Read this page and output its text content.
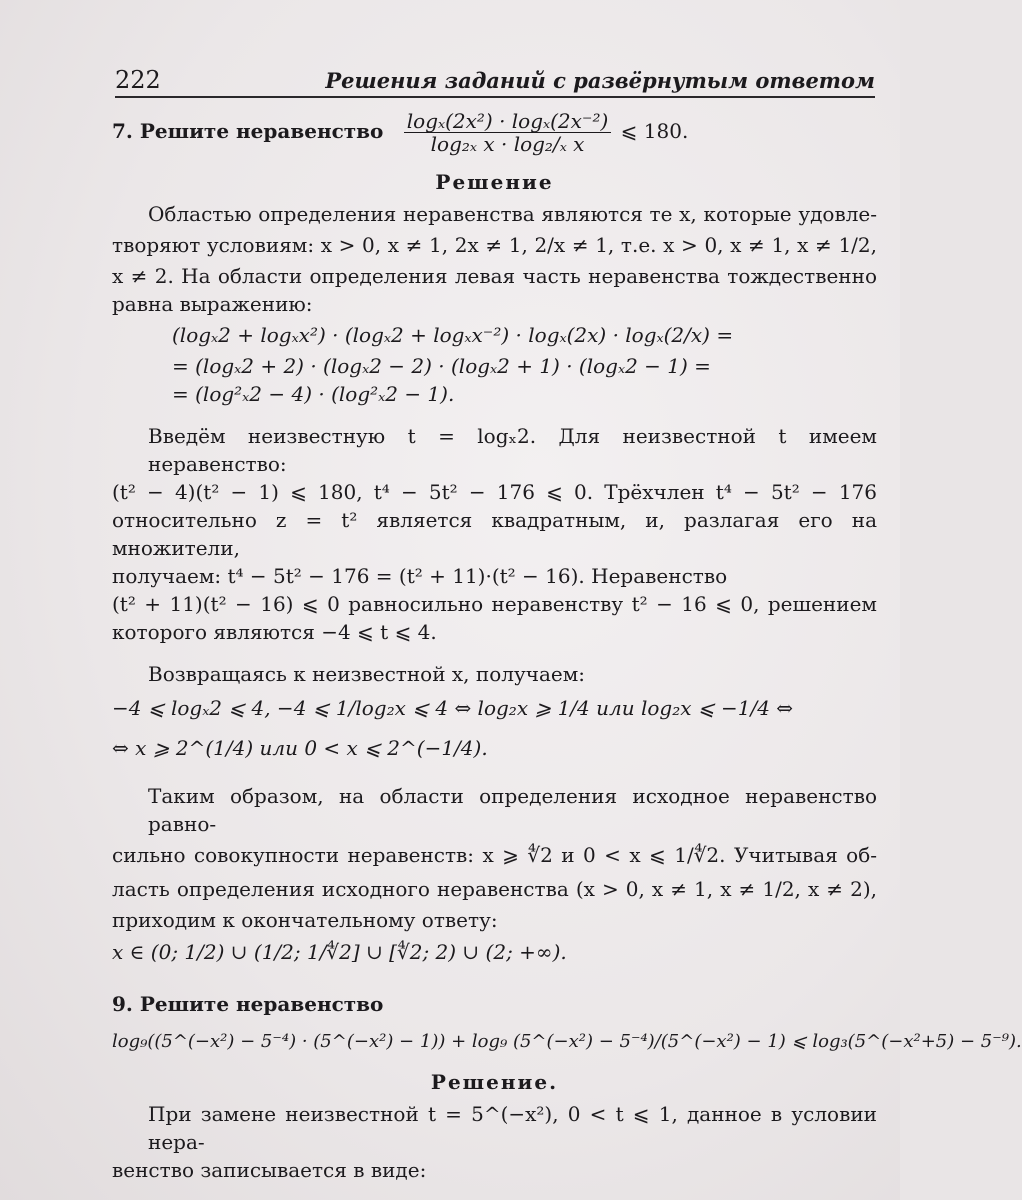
222	Решения заданий с развёрнутым ответом
7. Решите неравенство $\frac{\text{logₓ(2x²) · logₓ(2x⁻²)}}{\text{log₂ₓ x · log₂/ₓ x}}$ ⩽ 180.
Решение
Областью определения неравенства являются те x, которые удовле-
творяют условиям: x > 0, x ≠ 1, 2x ≠ 1, 2/x ≠ 1, т.е. x > 0, x ≠ 1, x ≠ 1/2,
x ≠ 2. На области определения левая часть неравенства тождественно
равна выражению:
(logₓ2 + logₓx²) · (logₓ2 + logₓx⁻²) · logₓ(2x) · logₓ(2/x) =
= (logₓ2 + 2) · (logₓ2 − 2) · (logₓ2 + 1) · (logₓ2 − 1) =
= (log²ₓ2 − 4) · (log²ₓ2 − 1).
Введём неизвестную t = logₓ2. Для неизвестной t имеем неравенство:
(t² − 4)(t² − 1) ⩽ 180, t⁴ − 5t² − 176 ⩽ 0. Трёхчлен t⁴ − 5t² − 176
относительно z = t² является квадратным, и, разлагая его на множители,
получаем: t⁴ − 5t² − 176 = (t² + 11)·(t² − 16). Неравенство
(t² + 11)(t² − 16) ⩽ 0 равносильно неравенству t² − 16 ⩽ 0, решением
которого являются −4 ⩽ t ⩽ 4.
Возвращаясь к неизвестной x, получаем:
−4 ⩽ logₓ2 ⩽ 4, −4 ⩽ 1/log₂x ⩽ 4 ⇔ log₂x ⩾ 1/4 или log₂x ⩽ −1/4 ⇔
⇔ x ⩾ 2^(1/4) или 0 < x ⩽ 2^(−1/4).
Таким образом, на области определения исходное неравенство равно-
сильно совокупности неравенств: x ⩾ ∜2 и 0 < x ⩽ 1/∜2. Учитывая об-
ласть определения исходного неравенства (x > 0, x ≠ 1, x ≠ 1/2, x ≠ 2),
приходим к окончательному ответу:
x ∈ (0; 1/2) ∪ (1/2; 1/∜2] ∪ [∜2; 2) ∪ (2; +∞).
9. Решите неравенство
log₉((5^(−x²) − 5⁻⁴) · (5^(−x²) − 1)) + log₉ (5^(−x²) − 5⁻⁴)/(5^(−x²) − 1) ⩽ log₃(5^(−x²+5) − 5⁻⁹).
Решение.
При замене неизвестной t = 5^(−x²), 0 < t ⩽ 1, данное в условии нера-
венство записывается в виде:
